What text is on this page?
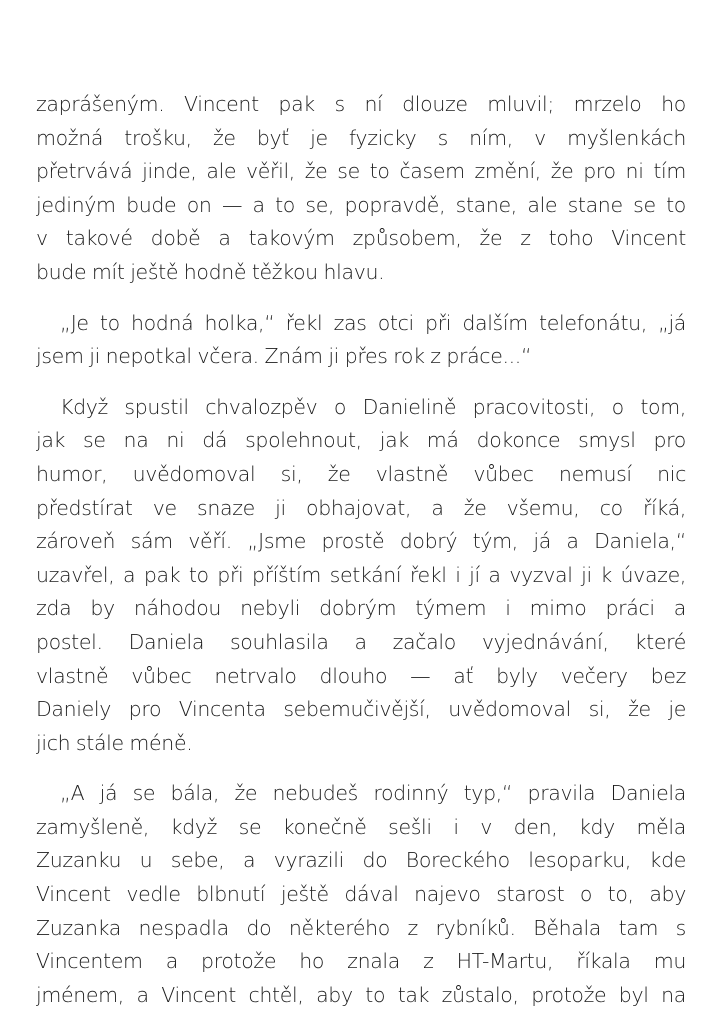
zaprášeným. Vincent pak s ní dlouze mluvil; mrzelo ho
možná trošku, že byť je fyzicky s ním, v myšlenkách
přetrvává jinde, ale věřil, že se to časem změní, že pro ni tím
jediným bude on — a to se, popravdě, stane, ale stane se to
v takové době a takovým způsobem, že z toho Vincent
bude mít ještě hodně těžkou hlavu.
„Je to hodná holka,“ řekl zas otci při dalším telefonátu, „já
jsem ji nepotkal včera. Znám ji přes rok z práce...“
Když spustil chvalozpěv o Danielině pracovitosti, o tom,
jak se na ni dá spolehnout, jak má dokonce smysl pro
humor, uvědomoval si, že vlastně vůbec nemusí nic
předstírat ve snaze ji obhajovat, a že všemu, co říká,
zároveň sám věří. „Jsme prostě dobrý tým, já a Daniela,“
uzavřel, a pak to při příštím setkání řekl i jí a vyzval ji k úvaze,
zda by náhodou nebyli dobrým týmem i mimo práci a
postel. Daniela souhlasila a začalo vyjednávání, které
vlastně vůbec netrvalo dlouho — ať byly večery bez
Daniely pro Vincenta sebemučivější, uvědomoval si, že je
jich stále méně.
„A já se bála, že nebudeš rodinný typ,“ pravila Daniela
zamyšleně, když se konečně sešli i v den, kdy měla
Zuzanku u sebe, a vyrazili do Boreckého lesoparku, kde
Vincent vedle blbnutí ještě dával najevo starost o to, aby
Zuzanka nespadla do některého z rybníků. Běhala tam s
Vincentem a protože ho znala z HT-Martu, říkala mu
jménem, a Vincent chtěl, aby to tak zůstalo, protože byl na
